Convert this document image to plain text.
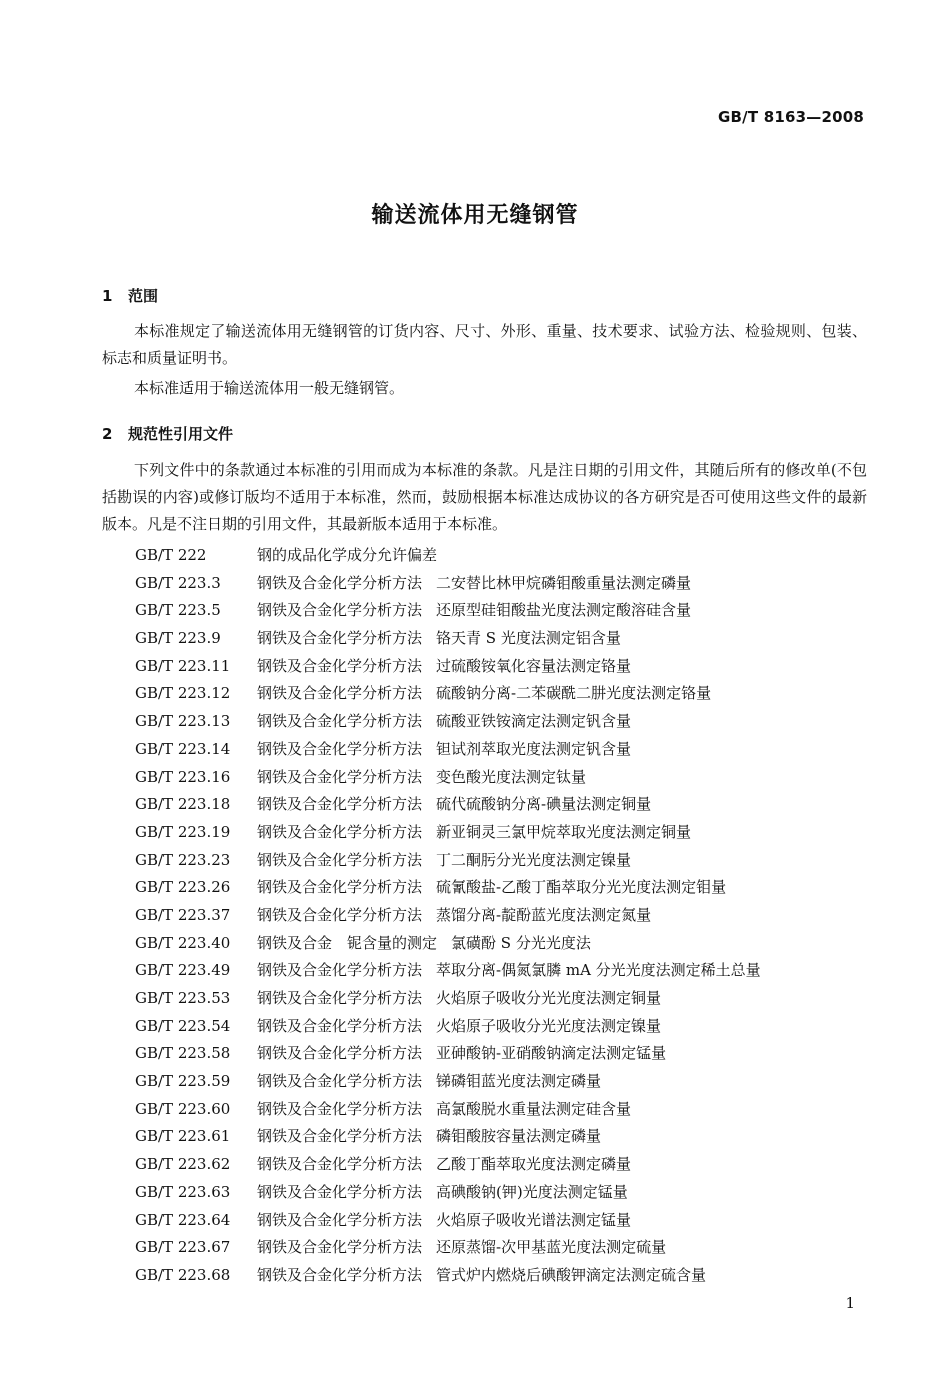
GB/T 8163—2008
输送流体用无缝钢管
1 范围

本标准规定了输送流体用无缝钢管的订货内容、尺寸、外形、重量、技术要求、试验方法、检验规则、包装、标志和质量证明书。

本标准适用于输送流体用一般无缝钢管。

2 规范性引用文件

下列文件中的条款通过本标准的引用而成为本标准的条款。凡是注日期的引用文件，其随后所有的修改单(不包括勘误的内容)或修订版均不适用于本标准，然而，鼓励根据本标准达成协议的各方研究是否可使用这些文件的最新版本。凡是不注日期的引用文件，其最新版本适用于本标准。

GB/T 222	钢的成品化学成分允许偏差
GB/T 223.3 钢铁及合金化学分析方法 二安替比林甲烷磷钼酸重量法测定磷量
GB/T 223.5 钢铁及合金化学分析方法 还原型硅钼酸盐光度法测定酸溶硅含量
GB/T 223.9 钢铁及合金化学分析方法 铬天青 S 光度法测定铝含量
GB/T 223.11 钢铁及合金化学分析方法 过硫酸铵氧化容量法测定铬量
GB/T 223.12 钢铁及合金化学分析方法 硫酸钠分离-二苯碳酰二肼光度法测定铬量
GB/T 223.13 钢铁及合金化学分析方法 硫酸亚铁铵滴定法测定钒含量
GB/T 223.14 钢铁及合金化学分析方法 钽试剂萃取光度法测定钒含量
GB/T 223.16 钢铁及合金化学分析方法 变色酸光度法测定钛量
GB/T 223.18 钢铁及合金化学分析方法 硫代硫酸钠分离-碘量法测定铜量
GB/T 223.19 钢铁及合金化学分析方法 新亚铜灵三氯甲烷萃取光度法测定铜量
GB/T 223.23 钢铁及合金化学分析方法 丁二酮肟分光光度法测定镍量
GB/T 223.26 钢铁及合金化学分析方法 硫氰酸盐-乙酸丁酯萃取分光光度法测定钼量
GB/T 223.37 钢铁及合金化学分析方法 蒸馏分离-靛酚蓝光度法测定氮量
GB/T 223.40 钢铁及合金　铌含量的测定 氯磺酚 S 分光光度法
GB/T 223.49 钢铁及合金化学分析方法 萃取分离-偶氮氯膦 mA 分光光度法测定稀土总量
GB/T 223.53 钢铁及合金化学分析方法 火焰原子吸收分光光度法测定铜量
GB/T 223.54 钢铁及合金化学分析方法 火焰原子吸收分光光度法测定镍量
GB/T 223.58 钢铁及合金化学分析方法 亚砷酸钠-亚硝酸钠滴定法测定锰量
GB/T 223.59 钢铁及合金化学分析方法 锑磷钼蓝光度法测定磷量
GB/T 223.60 钢铁及合金化学分析方法 高氯酸脱水重量法测定硅含量
GB/T 223.61 钢铁及合金化学分析方法 磷钼酸胺容量法测定磷量
GB/T 223.62 钢铁及合金化学分析方法 乙酸丁酯萃取光度法测定磷量
GB/T 223.63 钢铁及合金化学分析方法 高碘酸钠(钾)光度法测定锰量
GB/T 223.64 钢铁及合金化学分析方法 火焰原子吸收光谱法测定锰量
GB/T 223.67 钢铁及合金化学分析方法 还原蒸馏-次甲基蓝光度法测定硫量
GB/T 223.68 钢铁及合金化学分析方法 管式炉内燃烧后碘酸钾滴定法测定硫含量
1
